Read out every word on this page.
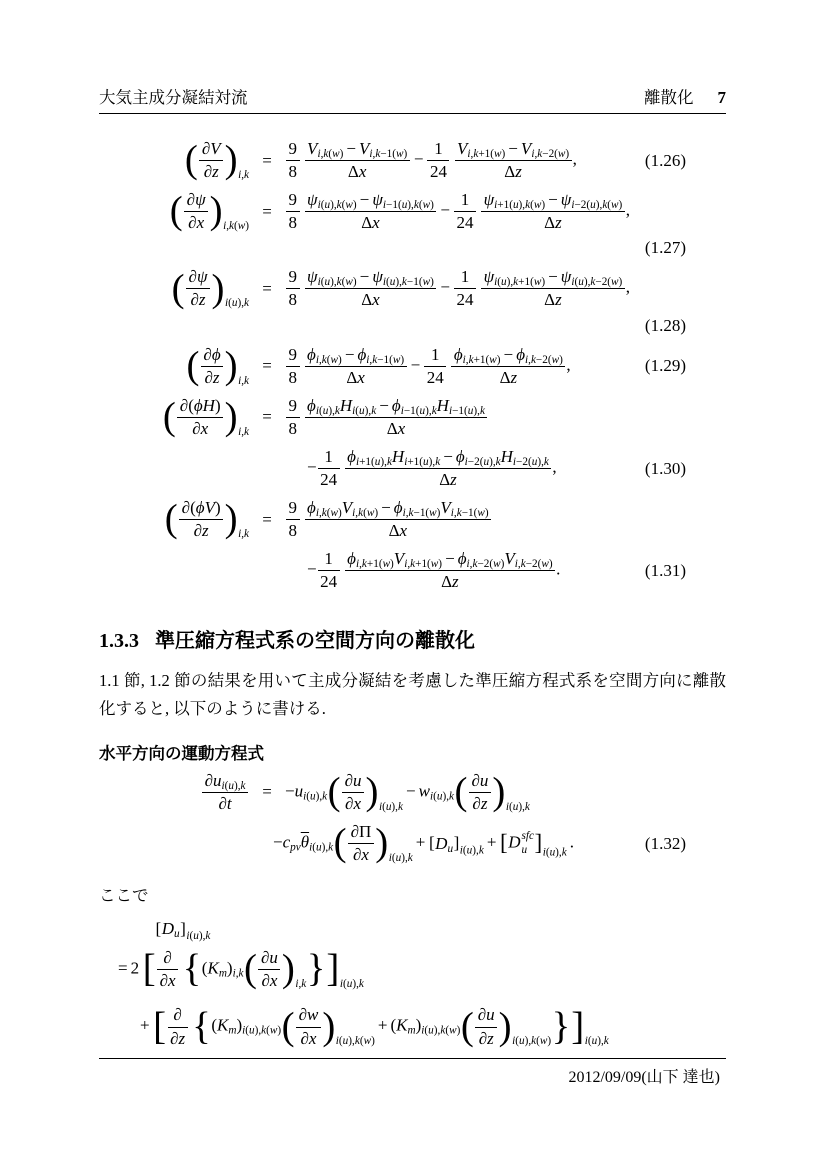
大気主成分凝結対流	離散化 7
( $\frac{\partial V}{\partial z}$ ) $_{i,k}$
= $\frac{9}{8} \frac{V_{i,k(w)} - V_{i,k-1(w)}}{\Delta x} - \frac{1}{24} \frac{V_{i,k+1(w)} - V_{i,k-2(w)}}{\Delta z}$ ,	(1.26)
( $\frac{\partial\psi}{\partial x}$ ) $_{i,k(w)}$
= $\frac{9}{8} \frac{\psi_{i(u),k(w)} - \psi_{i-1(u),k(w)}}{\Delta x} - \frac{1}{24} \frac{\psi_{i+1(u),k(w)} - \psi_{i-2(u),k(w)}}{\Delta z}$ ,
(1.27)
( $\frac{\partial\psi}{\partial z}$ ) $_{i(u),k}$
= $\frac{9}{8} \frac{\psi_{i(u),k(w)} - \psi_{i(u),k-1(w)}}{\Delta x} - \frac{1}{24} \frac{\psi_{i(u),k+1(w)} - \psi_{i(u),k-2(w)}}{\Delta z}$ ,
(1.28)
( $\frac{\partial\phi}{\partial z}$ ) $_{i,k}$
= $\frac{9}{8} \frac{\phi_{i,k(w)} - \phi_{i,k-1(w)}}{\Delta x} - \frac{1}{24} \frac{\phi_{i,k+1(w)} - \phi_{i,k-2(w)}}{\Delta z}$ ,	(1.29)
( $\frac{\partial(\phi H)}{\partial x}$ ) $_{i,k}$
= $\frac{9}{8} \phi_{i(u),k}H_{i(u),k} - \phi_{i-1(u),k}H_{i-1(u),k}$
Δx
− $\frac{1}{24} \phi_{i+1(u),k}H_{i+1(u),k} - \phi_{i-2(u),k}H_{i-2(u),k}$
Δz
,	(1.30)
( $\frac{\partial(\phi V)}{\partial z}$ ) $_{i,k}$
= $\frac{9}{8} \frac{\phi_{i,k(w)}V_{i,k(w)} - \phi_{i,k-1(w)}V_{i,k-1(w)}}{\Delta x}$
− $\frac{1}{24} \frac{\phi_{i,k+1(w)}V_{i,k+1(w)} - \phi_{i,k-2(w)}V_{i,k-2(w)}}{\Delta z}$ .	(1.31)
1.3.3 準圧縮方程式系の空間方向の離散化

1.1 節, 1.2 節の結果を用いて主成分凝結を考慮した準圧縮方程式系を空間方向に離散化すると, 以下のように書ける.

水平方向の運動方程式
$\frac{\partial u_{i(u),k}}{\partial t} = -u_{i(u),k}$ ( $\frac{\partial u}{\partial x}$ ) $_{i(u),k}- w_{i(u),k}$ ( $\frac{\partial u}{\partial z}$ ) $_{i(u),k}$
$-c_{pv}\overline{\theta}_{i(u),k}$ ( $\frac{\partial\Pi}{\partial x}$ ) $_{i(u),k}$+ [ $D_u$ ] $_{i(u),k}$ + [ D sfc
u ] $_{i(u),k}$.	(1.32)
ここで
[ $D_u$ ] $_{i(u),k}$
= 2 [ ∂
∂x { $(K_m)_{i,k}$ ( $\frac{\partial u}{\partial x}$ ) $_{i,k}$ } ] $_{i(u),k}$
+ [ ∂
∂z { $(K_m)_{i(u),k(w)}$ ( $\frac{\partial w}{\partial x}$ ) $_{i(u),k(w)}+ (K_m)_{i(u),k(w)}$ ( $\frac{\partial u}{\partial z}$ ) $_{i(u),k(w)}$ } ] $_{i(u),k}$
2012/09/09(山下 達也)
